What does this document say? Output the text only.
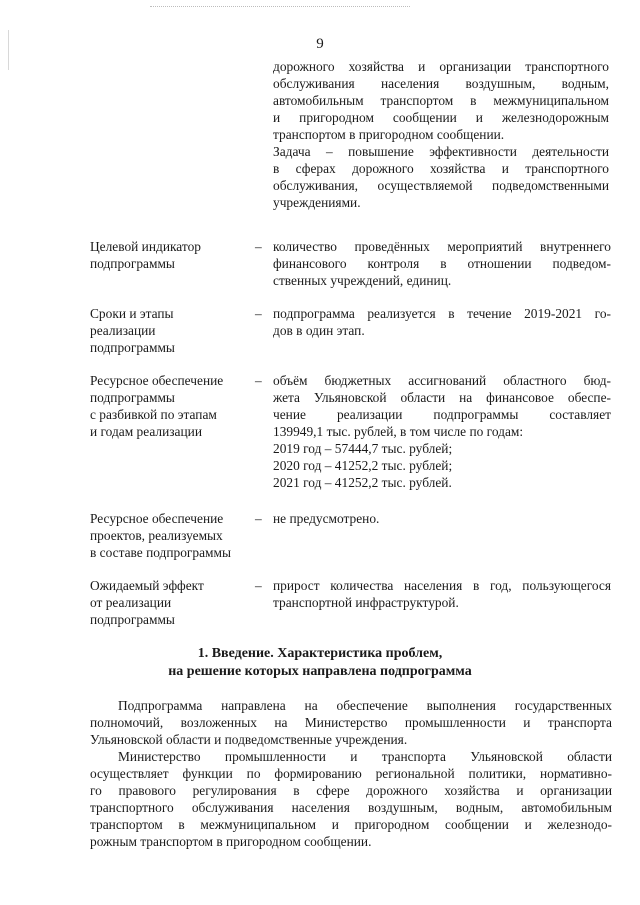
9
дорожного хозяйства и организации транспортного
обслуживания населения воздушным, водным,
автомобильным транспортом в межмуниципальном
и пригородном сообщении и железнодорожным
транспортом в пригородном сообщении.
Задача – повышение эффективности деятельности
в сферах дорожного хозяйства и транспортного
обслуживания, осуществляемой подведомственными
учреждениями.
Целевой индикатор
подпрограммы
– количество проведённых мероприятий внутреннего
финансового контроля в отношении подведом-
ственных учреждений, единиц.
Сроки и этапы
реализации
подпрограммы
– подпрограмма реализуется в течение 2019-2021 го-
дов в один этап.
Ресурсное обеспечение
подпрограммы
с разбивкой по этапам
и годам реализации
– объём бюджетных ассигнований областного бюд-
жета Ульяновской области на финансовое обеспе-
чение реализации подпрограммы составляет
139949,1 тыс. рублей, в том числе по годам:
2019 год – 57444,7 тыс. рублей;
2020 год – 41252,2 тыс. рублей;
2021 год – 41252,2 тыс. рублей.
Ресурсное обеспечение
проектов, реализуемых
в составе подпрограммы
– не предусмотрено.
Ожидаемый эффект
от реализации
подпрограммы
– прирост количества населения в год, пользующегося
транспортной инфраструктурой.
1. Введение. Характеристика проблем,
на решение которых направлена подпрограмма
Подпрограмма направлена на обеспечение выполнения государственных
полномочий, возложенных на Министерство промышленности и транспорта
Ульяновской области и подведомственные учреждения.
Министерство промышленности и транспорта Ульяновской области
осуществляет функции по формированию региональной политики, нормативно-
го правового регулирования в сфере дорожного хозяйства и организации
транспортного обслуживания населения воздушным, водным, автомобильным
транспортом в межмуниципальном и пригородном сообщении и железнодо-
рожным транспортом в пригородном сообщении.
